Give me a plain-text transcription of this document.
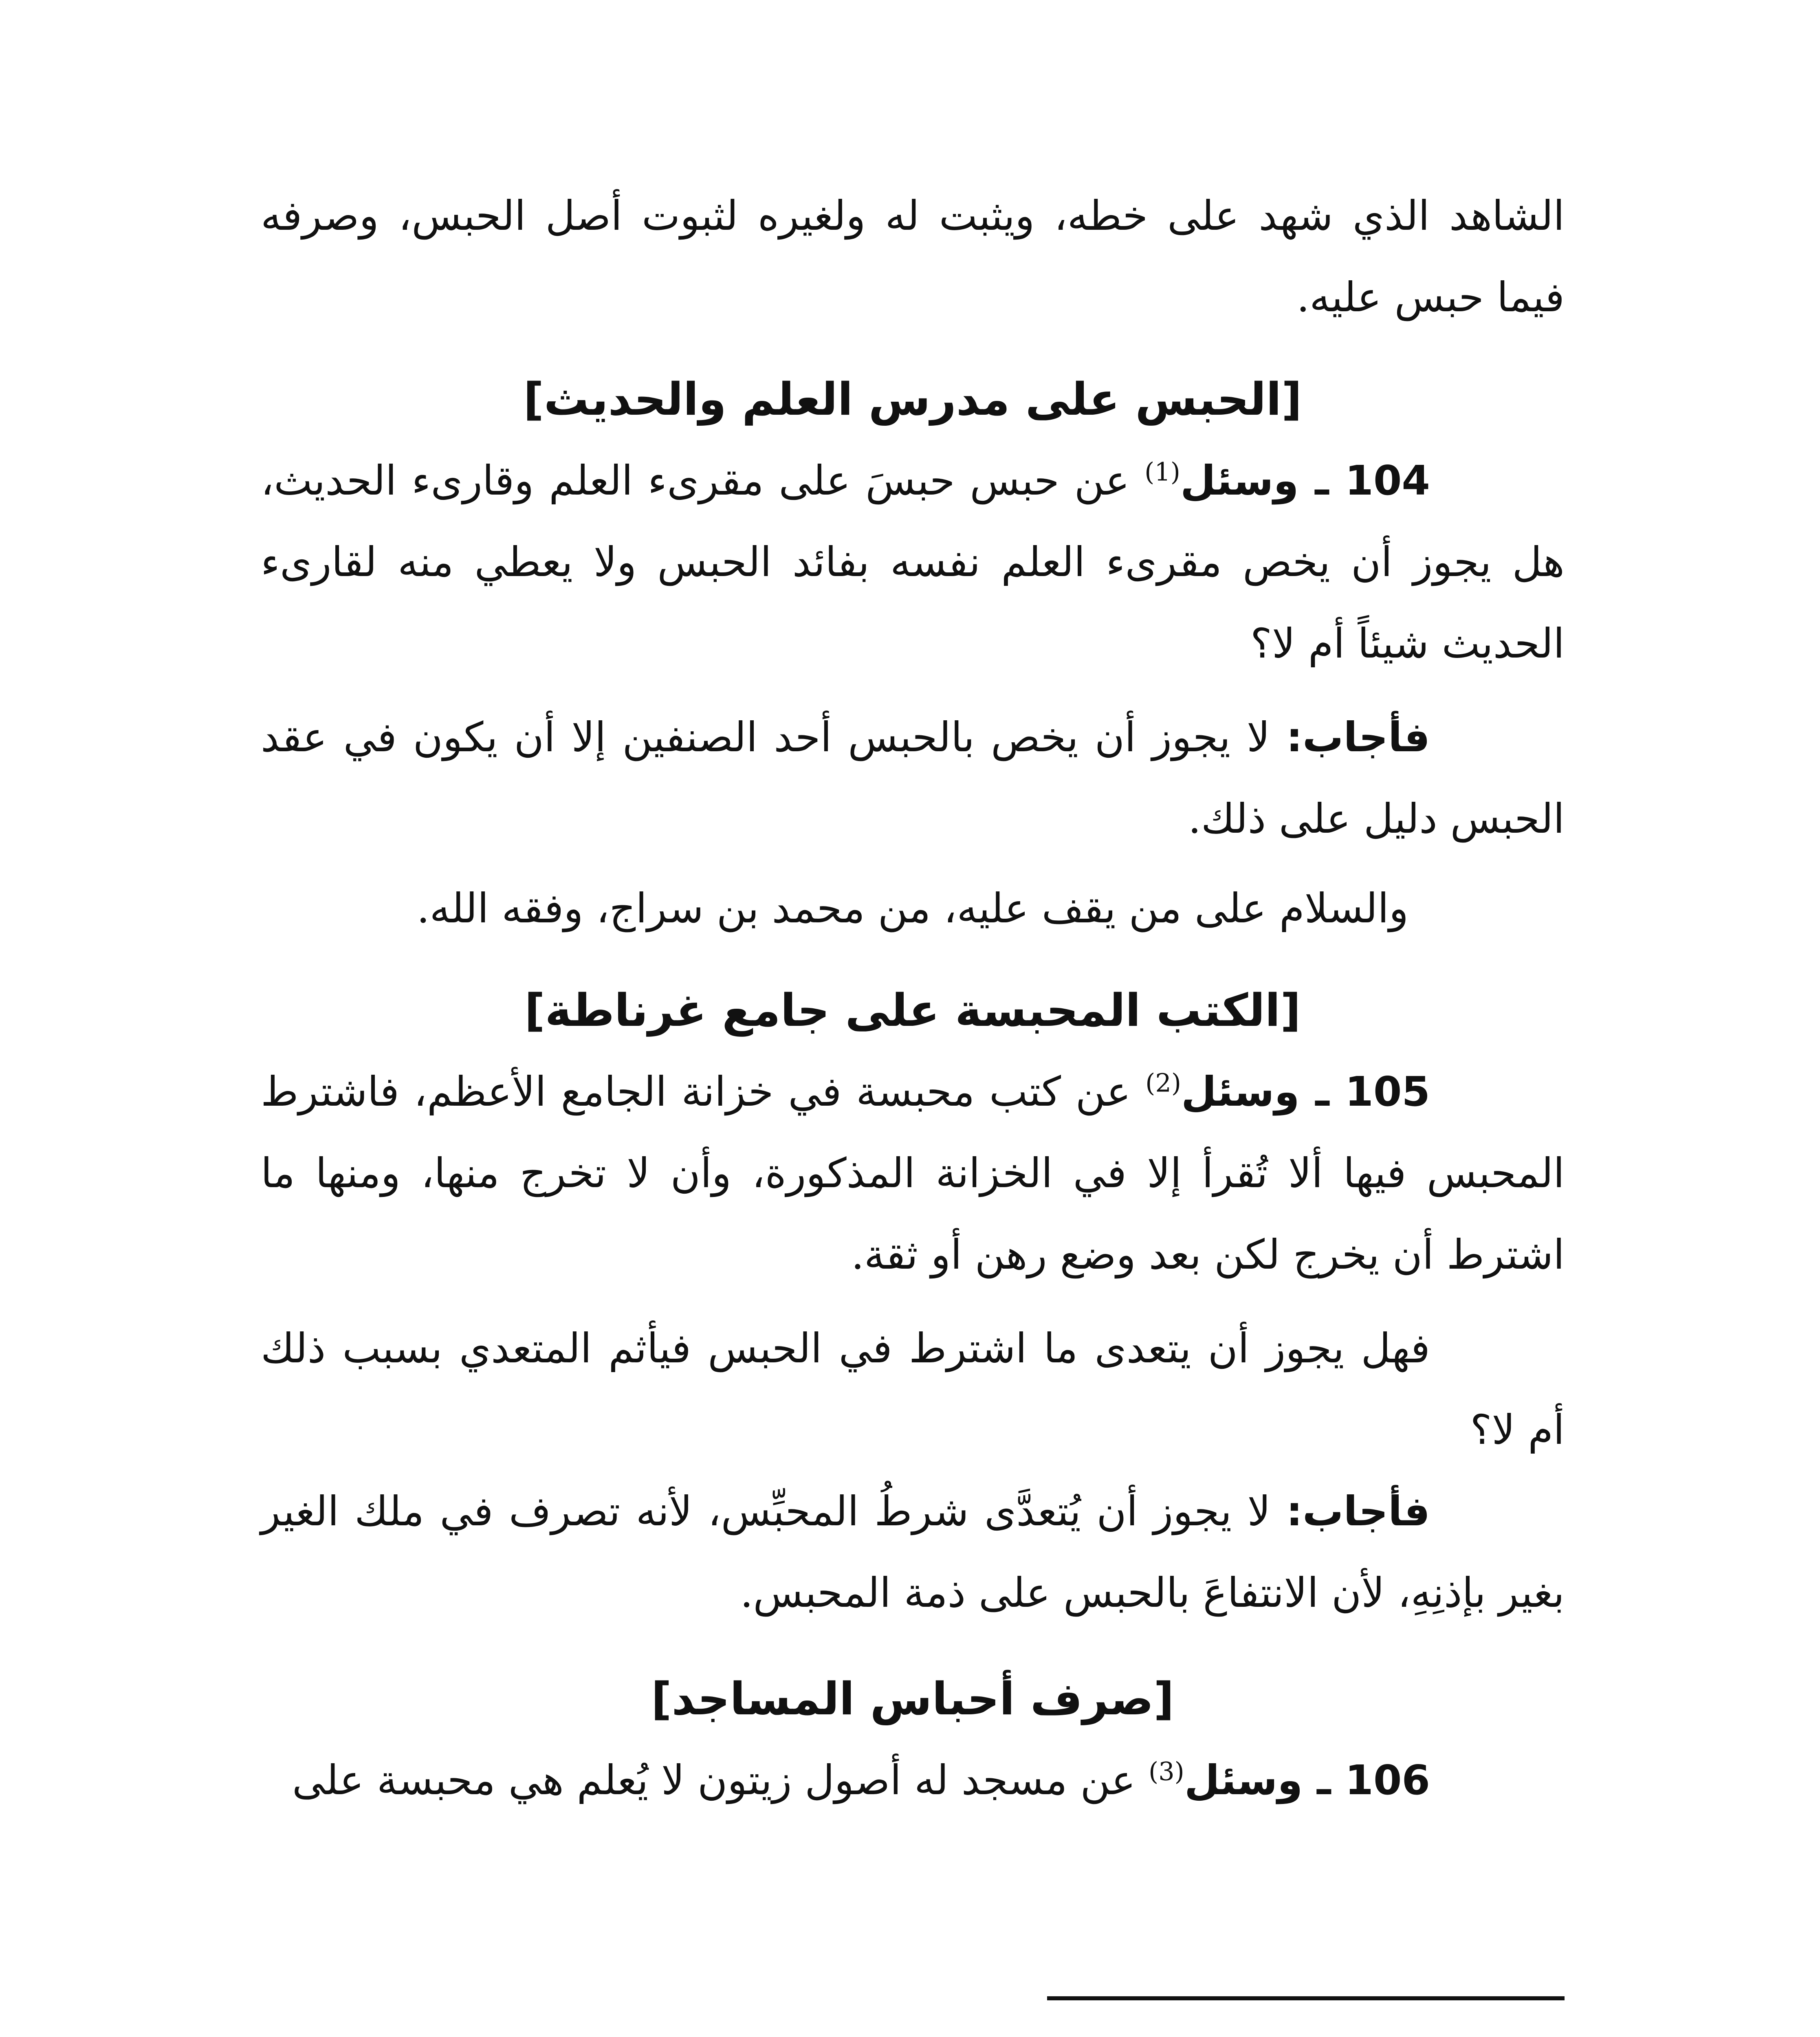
الشاهد الذي شهد على خطه، ويثبت له ولغيره لثبوت أصل الحبس، وصرفه فيما حبس عليه.

[الحبس على مدرس العلم والحديث]

104 ـ وسئل$^{(1)}$ عن حبس حبسَ على مقرىء العلم وقارىء الحديث، هل يجوز أن يخص مقرىء العلم نفسه بفائد الحبس ولا يعطي منه لقارىء الحديث شيئاً أم لا؟

فأجاب: لا يجوز أن يخص بالحبس أحد الصنفين إلا أن يكون في عقد الحبس دليل على ذلك.

والسلام على من يقف عليه، من محمد بن سراج، وفقه الله.

[الكتب المحبسة على جامع غرناطة]

105 ـ وسئل$^{(2)}$ عن كتب محبسة في خزانة الجامع الأعظم، فاشترط المحبس فيها ألا تُقرأ إلا في الخزانة المذكورة، وأن لا تخرج منها، ومنها ما اشترط أن يخرج لكن بعد وضع رهن أو ثقة.

فهل يجوز أن يتعدى ما اشترط في الحبس فيأثم المتعدي بسبب ذلك أم لا؟

فأجاب: لا يجوز أن يُتعدَّى شرطُ المحبِّس، لأنه تصرف في ملك الغير بغير بإذنِهِ، لأن الانتفاعَ بالحبس على ذمة المحبس.

[صرف أحباس المساجد]

106 ـ وسئل$^{(3)}$ عن مسجد له أصول زيتون لا يُعلم هي محبسة على
